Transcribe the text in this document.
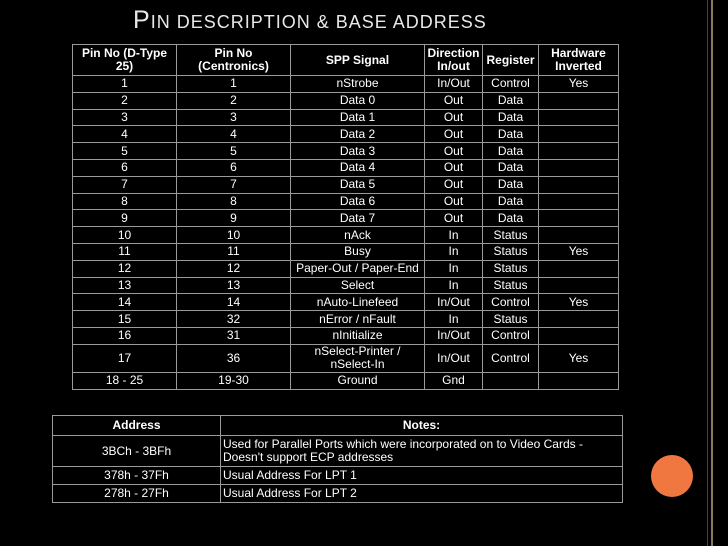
PIN DESCRIPTION & BASE ADDRESS
Pin No (D-Type 25)	Pin No (Centronics)	SPP Signal	Direction In/out	Register	Hardware Inverted
1	1	nStrobe	In/Out	Control	Yes
2	2	Data 0	Out	Data	
3	3	Data 1	Out	Data	
4	4	Data 2	Out	Data	
5	5	Data 3	Out	Data	
6	6	Data 4	Out	Data	
7	7	Data 5	Out	Data	
8	8	Data 6	Out	Data	
9	9	Data 7	Out	Data	
10	10	nAck	In	Status	
11	11	Busy	In	Status	Yes
12	12	Paper-Out / Paper-End	In	Status	
13	13	Select	In	Status	
14	14	nAuto-Linefeed	In/Out	Control	Yes
15	32	nError / nFault	In	Status	
16	31	nInitialize	In/Out	Control	
17	36	nSelect-Printer / nSelect-In	In/Out	Control	Yes
18 - 25	19-30	Ground	Gnd		
Address	Notes:
3BCh - 3BFh	Used for Parallel Ports which were incorporated on to Video Cards - Doesn't support ECP addresses
378h - 37Fh	Usual Address For LPT 1
278h - 27Fh	Usual Address For LPT 2
